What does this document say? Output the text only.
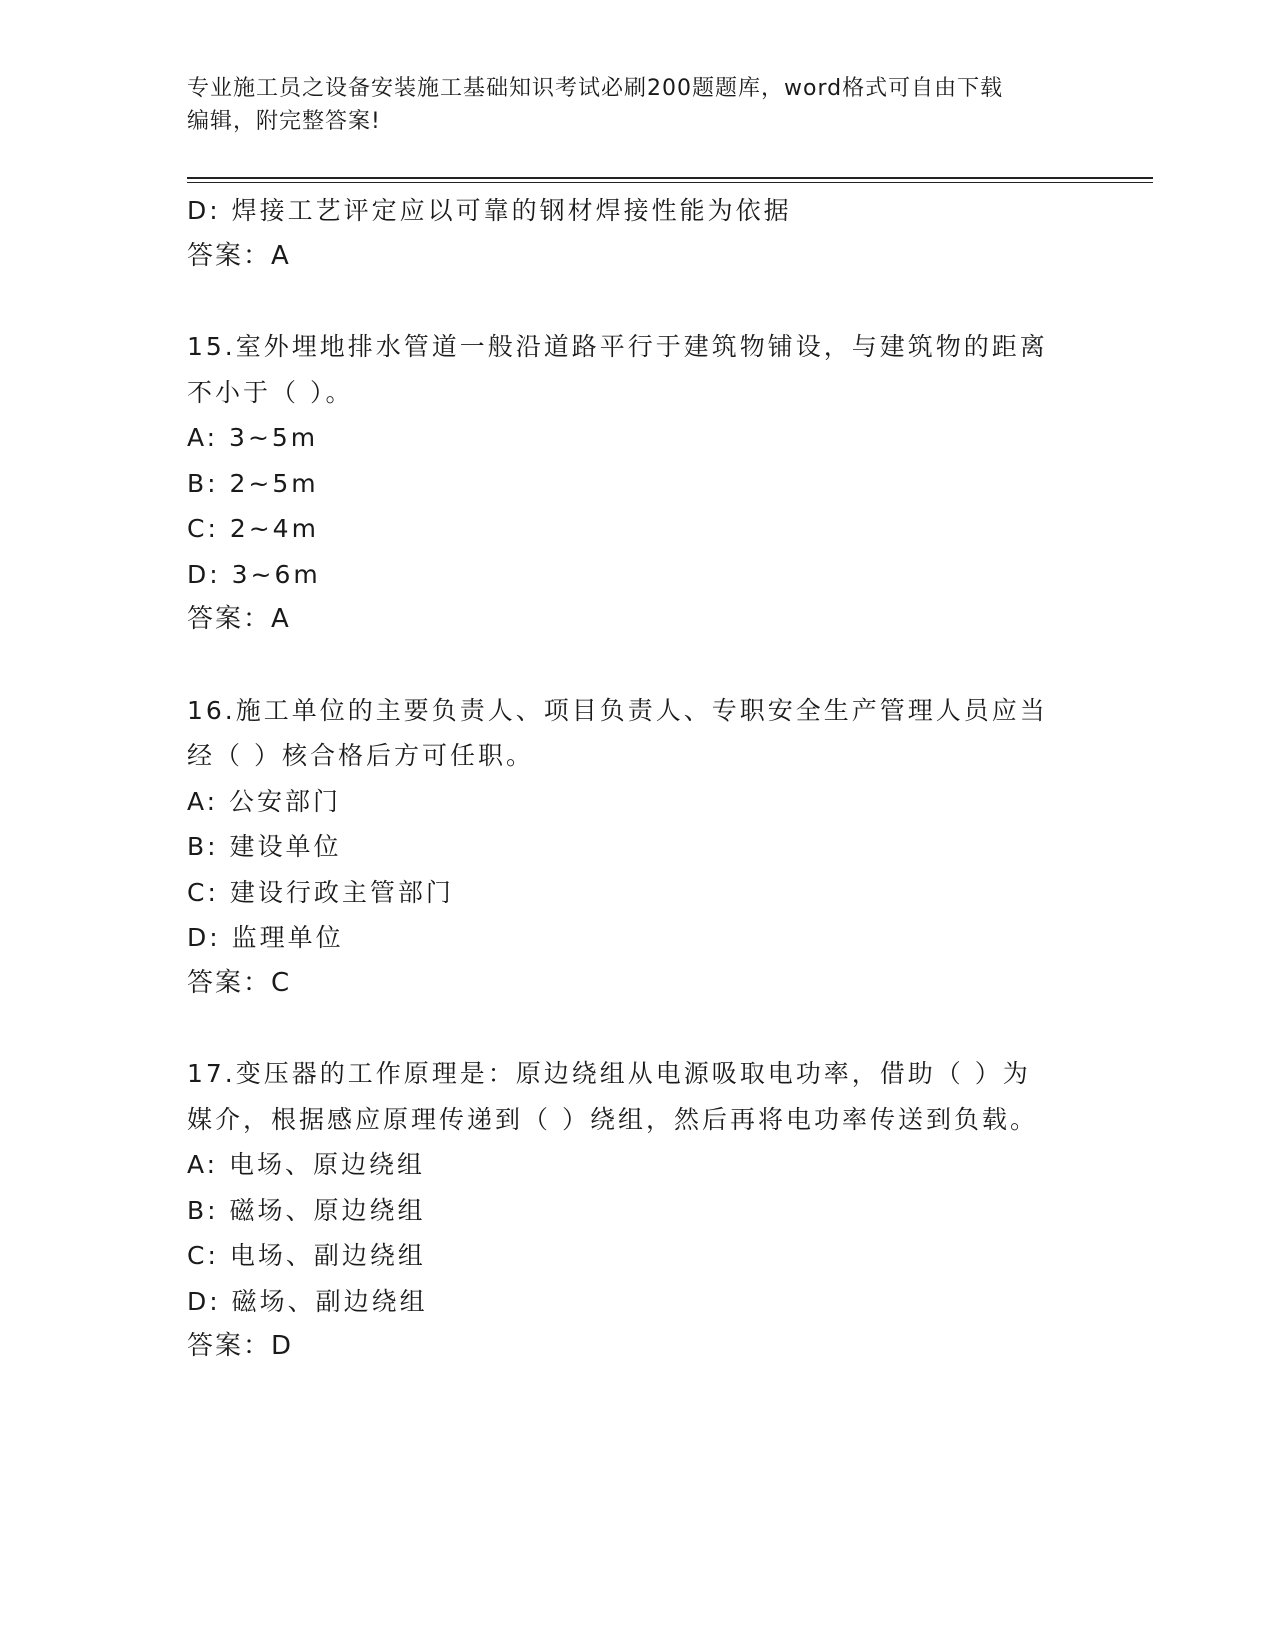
专业施工员之设备安装施工基础知识考试必刷200题题库，word格式可自由下载
编辑，附完整答案!
D: 焊接工艺评定应以可靠的钢材焊接性能为依据
答案：A
15.室外埋地排水管道一般沿道路平行于建筑物铺设，与建筑物的距离
不小于（ ）。
A: 3~5m
B: 2~5m
C: 2~4m
D: 3~6m
答案：A
16.施工单位的主要负责人、项目负责人、专职安全生产管理人员应当
经（ ）核合格后方可任职。
A: 公安部门
B: 建设单位
C: 建设行政主管部门
D: 监理单位
答案：C
17.变压器的工作原理是：原边绕组从电源吸取电功率，借助（ ）为
媒介，根据感应原理传递到（ ）绕组，然后再将电功率传送到负载。
A: 电场、原边绕组
B: 磁场、原边绕组
C: 电场、副边绕组
D: 磁场、副边绕组
答案：D
